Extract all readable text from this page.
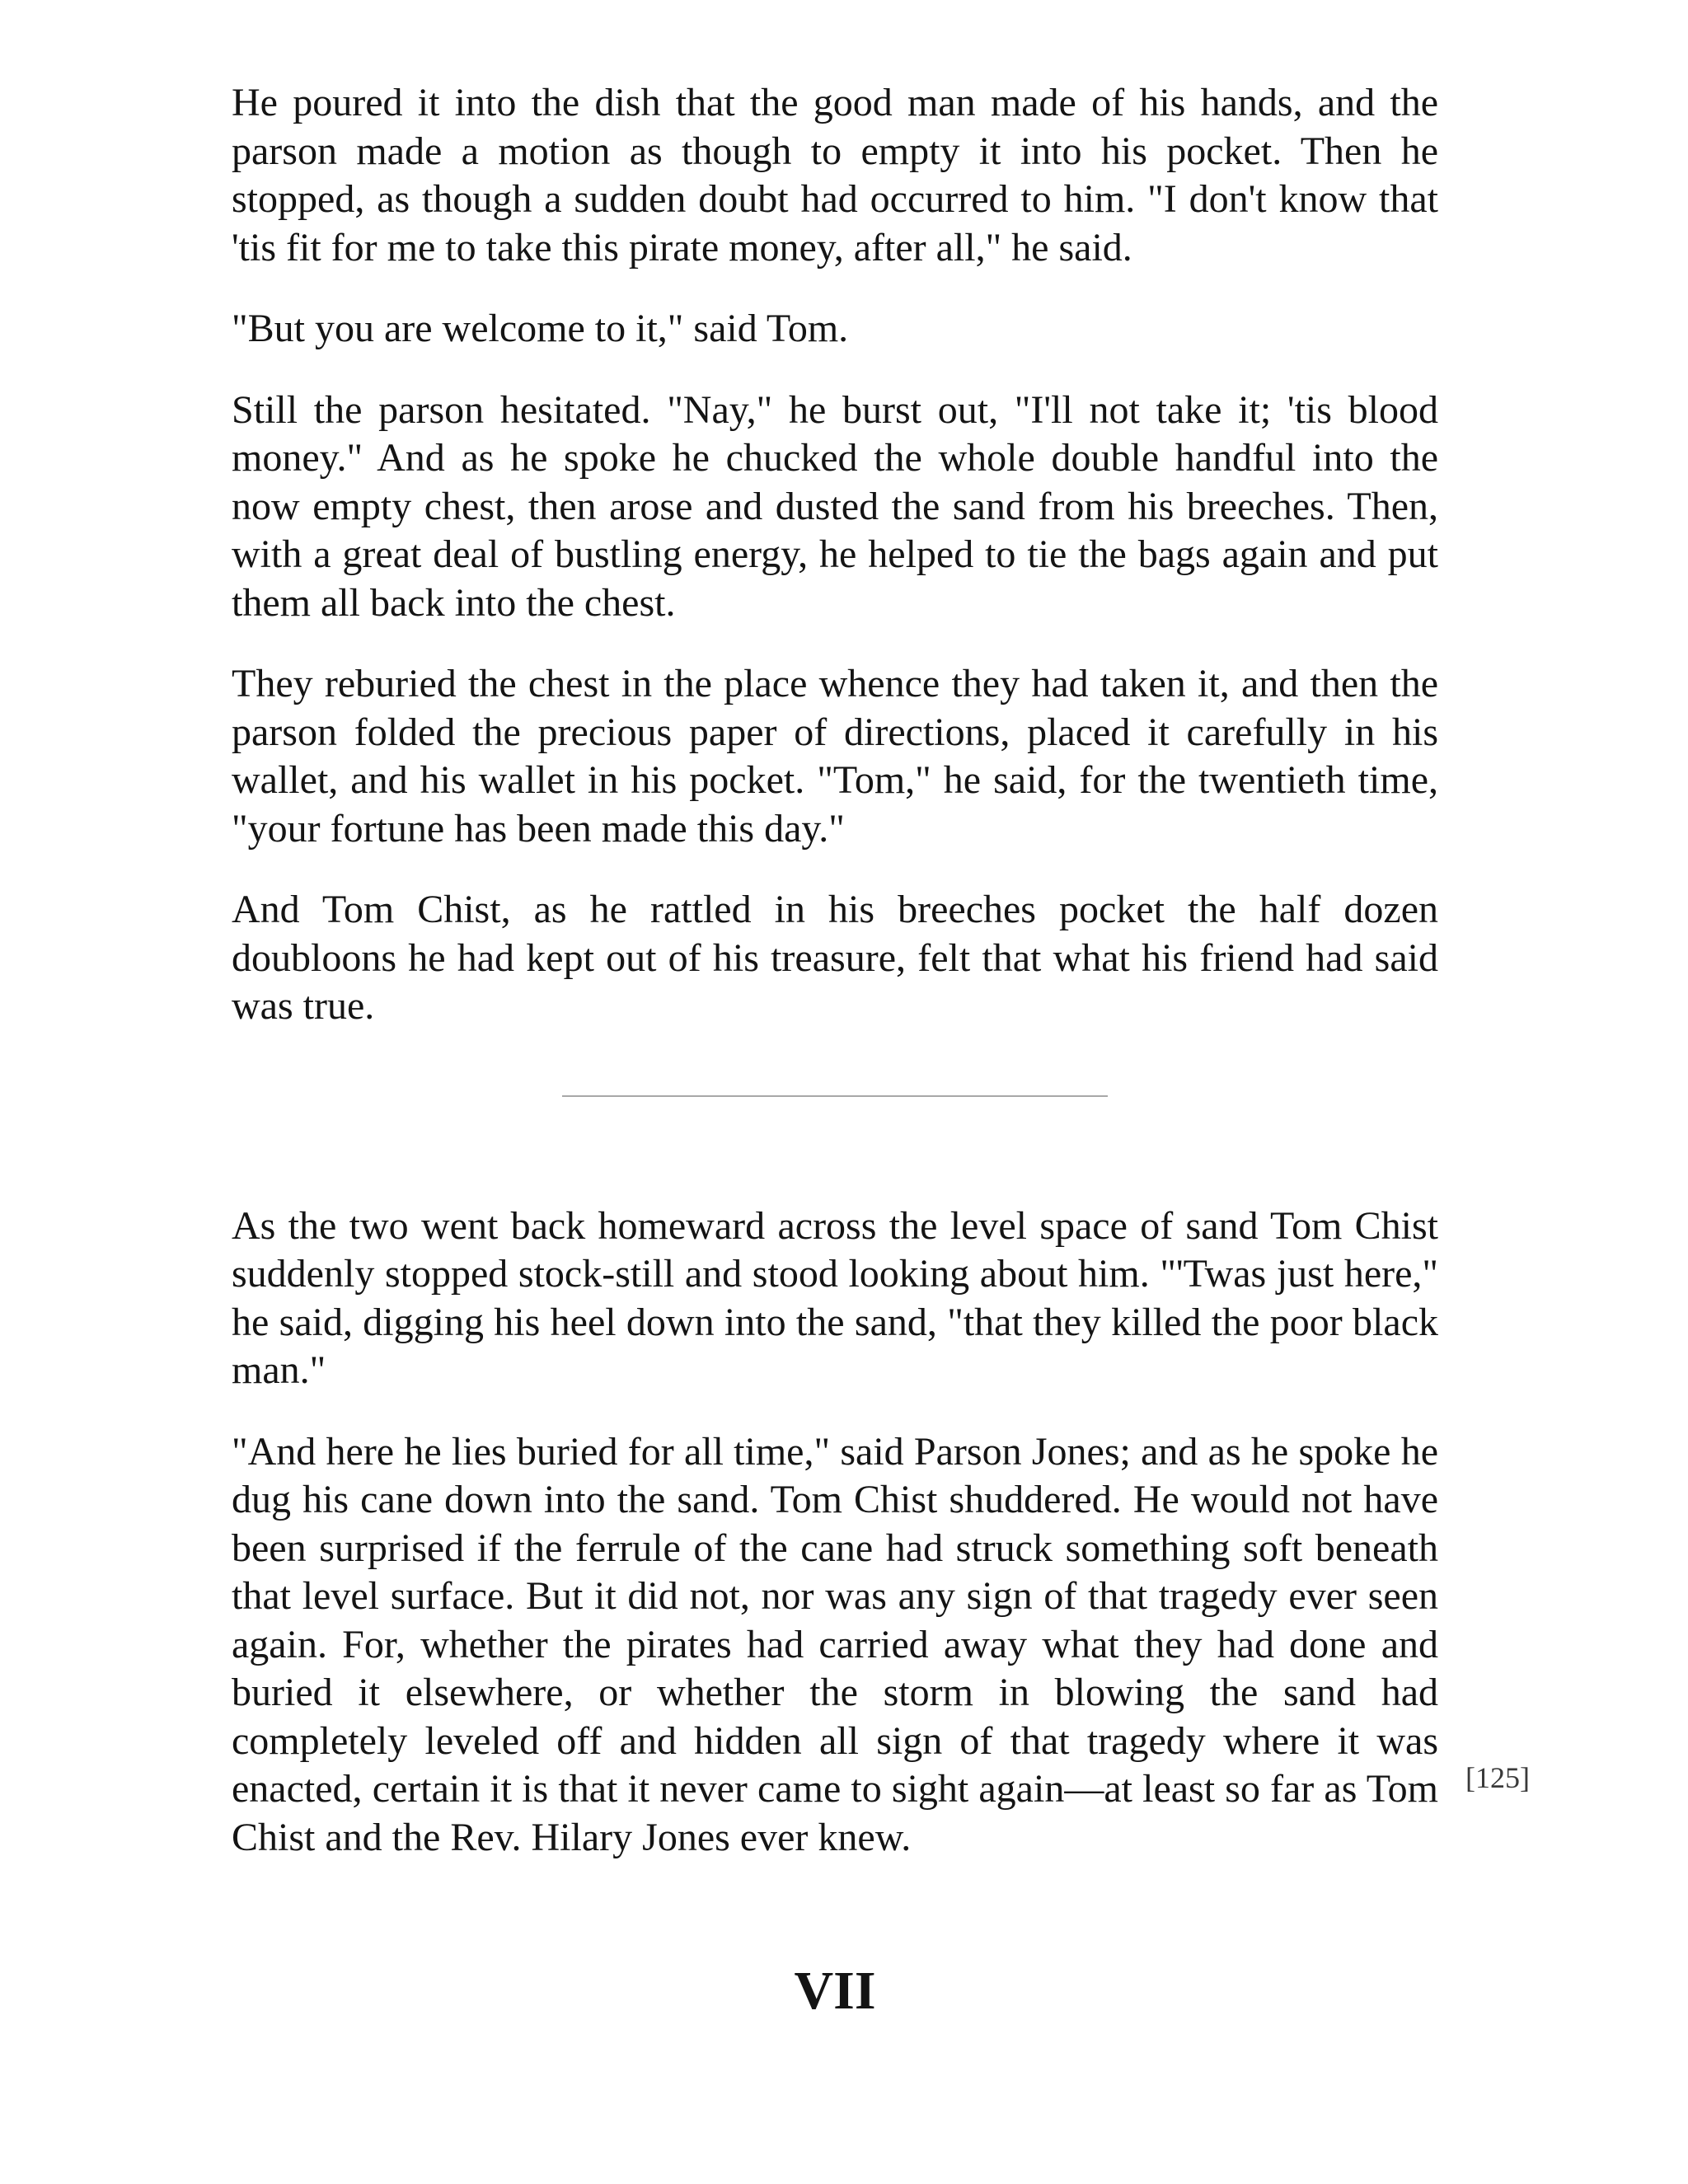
He poured it into the dish that the good man made of his hands, and the parson made a motion as though to empty it into his pocket. Then he stopped, as though a sudden doubt had occurred to him. "I don't know that 'tis fit for me to take this pirate money, after all," he said.

"But you are welcome to it," said Tom.

Still the parson hesitated. "Nay," he burst out, "I'll not take it; 'tis blood money." And as he spoke he chucked the whole double handful into the now empty chest, then arose and dusted the sand from his breeches. Then, with a great deal of bustling energy, he helped to tie the bags again and put them all back into the chest.

They reburied the chest in the place whence they had taken it, and then the parson folded the precious paper of directions, placed it carefully in his wallet, and his wallet in his pocket. "Tom," he said, for the twentieth time, "your fortune has been made this day."

And Tom Chist, as he rattled in his breeches pocket the half dozen doubloons he had kept out of his treasure, felt that what his friend had said was true.

As the two went back homeward across the level space of sand Tom Chist suddenly stopped stock-still and stood looking about him. "'Twas just here," he said, digging his heel down into the sand, "that they killed the poor black man."

"And here he lies buried for all time," said Parson Jones; and as he spoke he dug his cane down into the sand. Tom Chist shuddered. He would not have been surprised if the ferrule of the cane had struck something soft beneath that level surface. But it did not, nor was any sign of that tragedy ever seen again. For, whether the pirates had carried away what they had done and buried it elsewhere, or whether the storm in blowing the sand had completely leveled off and hidden all sign of that tragedy where it was enacted, certain it is that it never came to sight again—at least so far as Tom Chist and the Rev. Hilary Jones ever knew.

[125]
VII
